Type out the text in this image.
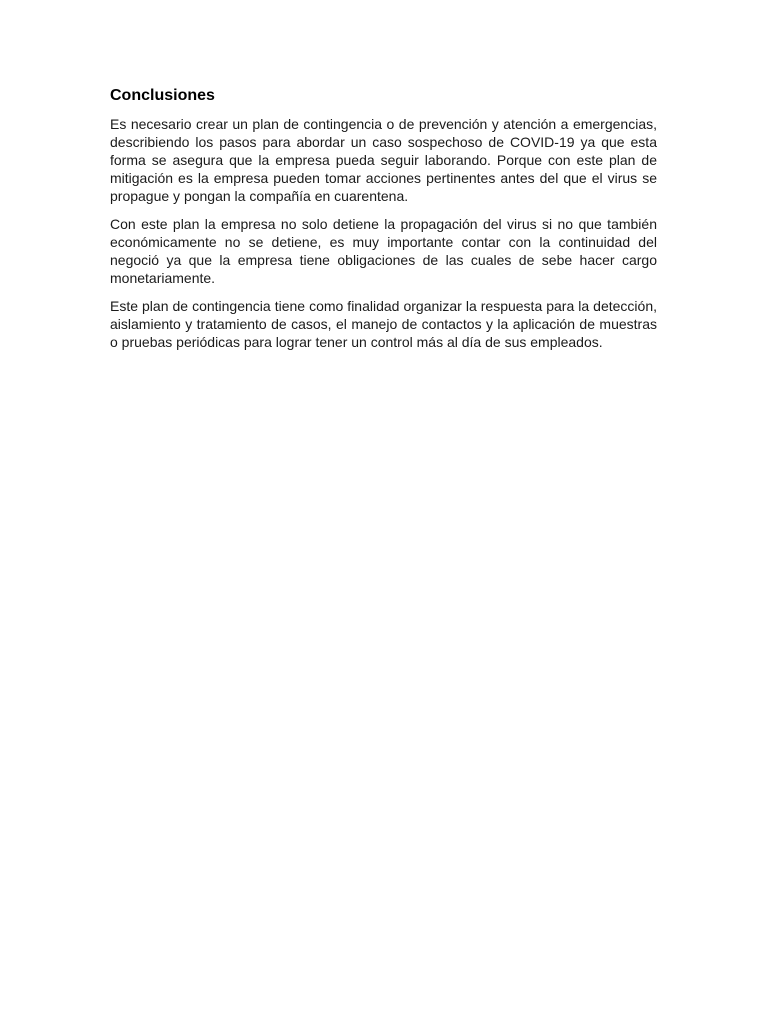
Conclusiones

Es necesario crear un plan de contingencia o de prevención y atención a emergencias, describiendo los pasos para abordar un caso sospechoso de COVID-19 ya que esta forma se asegura que la empresa pueda seguir laborando. Porque con este plan de mitigación es la empresa pueden tomar acciones pertinentes antes del que el virus se propague y pongan la compañía en cuarentena.

Con este plan la empresa no solo detiene la propagación del virus si no que también económicamente no se detiene, es muy importante contar con la continuidad del negoció ya que la empresa tiene obligaciones de las cuales de sebe hacer cargo monetariamente.

Este plan de contingencia tiene como finalidad organizar la respuesta para la detección, aislamiento y tratamiento de casos, el manejo de contactos y la aplicación de muestras o pruebas periódicas para lograr tener un control más al día de sus empleados.
